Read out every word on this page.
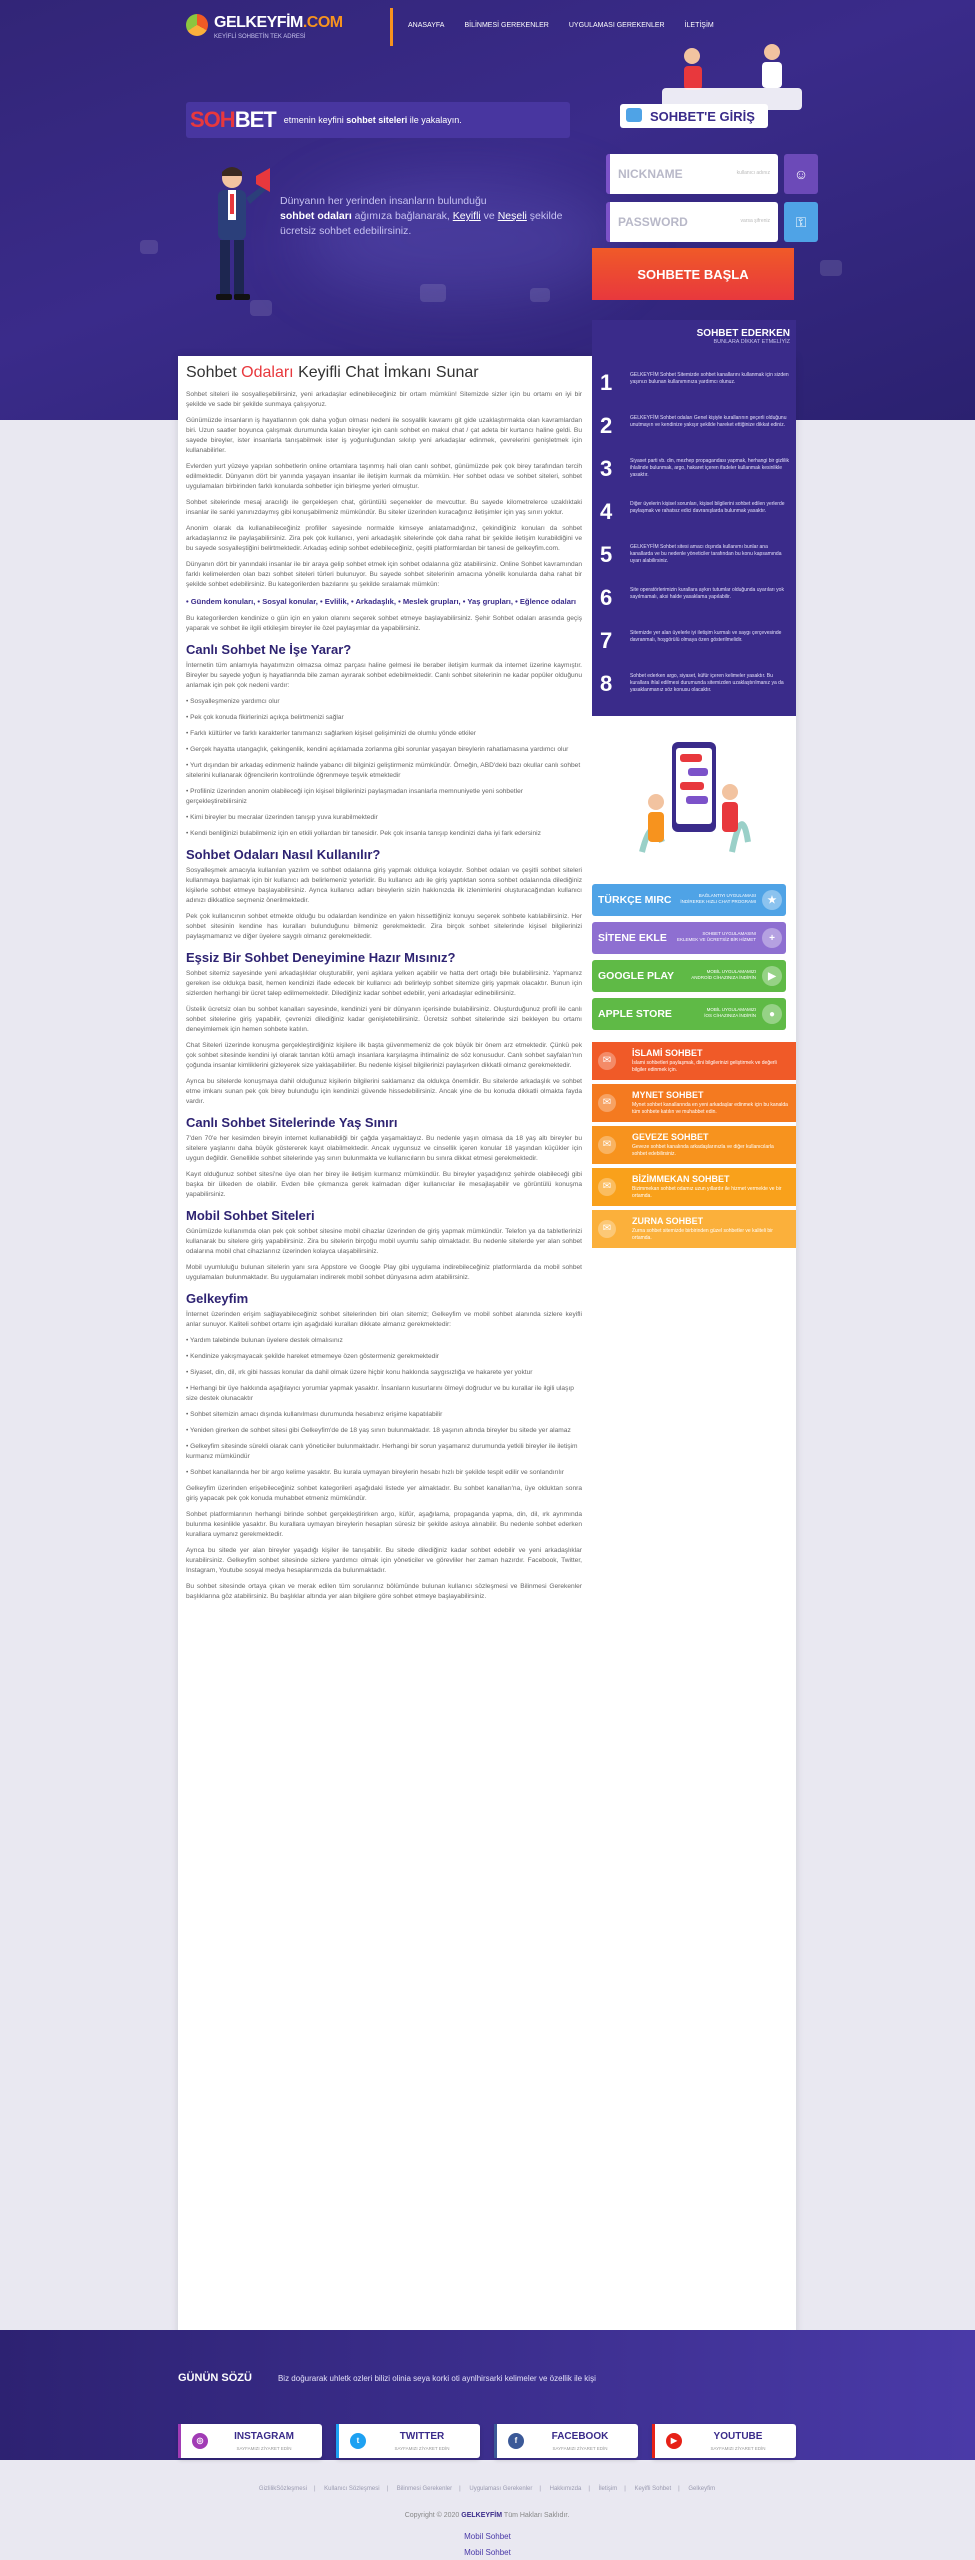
GELKEYFİM.COM
KEYİFLİ SOHBETİN TEK ADRESİ
ANASAYFA	BİLİNMESİ GEREKENLER	UYGULAMASI GEREKENLER	İLETİŞİM
SOHBET etmenin keyfini sohbet siteleri ile yakalayın.
Dünyanın her yerinden insanların bulunduğu
sohbet odaları ağımıza bağlanarak, Keyifli ve Neşeli şekilde
ücretsiz sohbet edebilirsiniz.
SOHBET'E GİRİŞ
NICKNAME	kullanıcı adınız	☺
PASSWORD	varsa şifreniz	⚿
SOHBETE BAŞLA
Sohbet Odaları Keyifli Chat İmkanı Sunar

Sohbet siteleri ile sosyalleşebilirsiniz, yeni arkadaşlar edinebileceğiniz bir ortam mümkün! Sitemizde sizler için bu ortamı en iyi bir şekilde ve sade bir şekilde sunmaya çalışıyoruz.

Günümüzde insanların iş hayatlarının çok daha yoğun olması nedeni ile sosyallik kavramı git gide uzaklaştırmakta olan kavramlardan biri. Uzun saatler boyunca çalışmak durumunda kalan bireyler için canlı sohbet en makul chat / çat adeta bir kurtarıcı haline geldi. Bu sayede bireyler, ister insanlarla tanışabilmek ister iş yoğunluğundan sıkılıp yeni arkadaşlar edinmek, çevrelerini genişletmek için kullanabilirler.

Evlerden yurt yüzeye yapılan sohbetlerin online ortamlara taşınmış hali olan canlı sohbet, günümüzde pek çok birey tarafından tercih edilmektedir. Dünyanın dört bir yanında yaşayan insanlar ile iletişim kurmak da mümkün. Her sohbet odası ve sohbet siteleri, sohbet uygulamaları birbirinden farklı konularda sohbetler için birleşme yerleri olmuştur.

Sohbet sitelerinde mesaj aracılığı ile gerçekleşen chat, görüntülü seçenekler de mevcuttur. Bu sayede kilometrelerce uzaklıktaki insanlar ile sanki yanınızdaymış gibi konuşabilmeniz mümkündür. Bu siteler üzerinden kuracağınız iletişimler için yaş sınırı yoktur.

Anonim olarak da kullanabileceğiniz profiller sayesinde normalde kimseye anlatamadığınız, çekindiğiniz konuları da sohbet arkadaşlarınız ile paylaşabilirsiniz. Zira pek çok kullanıcı, yeni arkadaşlık sitelerinde çok daha rahat bir şekilde iletişim kurabildiğini ve bu sayede sosyalleştiğini belirtmektedir. Arkadaş edinip sohbet edebileceğiniz, çeşitli platformlardan bir tanesi de gelkeyfim.com.

Dünyanın dört bir yanındaki insanlar ile bir araya gelip sohbet etmek için sohbet odalarına göz atabilirsiniz. Online Sohbet kavramından farklı kelimelerden olan bazı sohbet siteleri türleri bulunuyor. Bu sayede sohbet sitelerinin amacına yönelik konularda daha rahat bir şekilde sohbet edebilirsiniz. Bu kategorilerden bazılarını şu şekilde sıralamak mümkün:

• Gündem konuları, • Sosyal konular, • Evlilik, • Arkadaşlık, • Meslek grupları, • Yaş grupları, • Eğlence odaları

Bu kategorilerden kendinize o gün için en yakın olanını seçerek sohbet etmeye başlayabilirsiniz. Şehir Sohbet odaları arasında geçiş yaparak ve sohbet ile ilgili etkileşim bireyler ile özel paylaşımlar da yapabilirsiniz.

Canlı Sohbet Ne İşe Yarar?

İnternetin tüm anlamıyla hayatımızın olmazsa olmaz parçası haline gelmesi ile beraber iletişim kurmak da internet üzerine kaymıştır. Bireyler bu sayede yoğun iş hayatlarında bile zaman ayırarak sohbet edebilmektedir. Canlı sohbet sitelerinin ne kadar popüler olduğunu anlamak için pek çok nedeni vardır:

• Sosyalleşmenize yardımcı olur
• Pek çok konuda fikirlerinizi açıkça belirtmenizi sağlar
• Farklı kültürler ve farklı karakterler tanımanızı sağlarken kişisel gelişiminizi de olumlu yönde etkiler
• Gerçek hayatta utangaçlık, çekingenlik, kendini açıklamada zorlanma gibi sorunlar yaşayan bireylerin rahatlamasına yardımcı olur
• Yurt dışından bir arkadaş edinmeniz halinde yabancı dil bilginizi geliştirmeniz mümkündür. Örneğin, ABD'deki bazı okullar canlı sohbet sitelerini kullanarak öğrencilerin kontrolünde öğrenmeye teşvik etmektedir
• Profiliniz üzerinden anonim olabileceği için kişisel bilgilerinizi paylaşmadan insanlarla memnuniyetle yeni sohbetler gerçekleştirebilirsiniz
• Kimi bireyler bu mecralar üzerinden tanışıp yuva kurabilmektedir
• Kendi benliğinizi bulabilmeniz için en etkili yollardan bir tanesidir. Pek çok insanla tanışıp kendinizi daha iyi fark edersiniz
Sohbet Odaları Nasıl Kullanılır?

Sosyalleşmek amacıyla kullanılan yazılım ve sohbet odalarına giriş yapmak oldukça kolaydır. Sohbet odaları ve çeşitli sohbet siteleri kullanmaya başlamak için bir kullanıcı adı belirlemeniz yeterlidir. Bu kullanıcı adı ile giriş yaptıktan sonra sohbet odalarında dilediğiniz kişilerle sohbet etmeye başlayabilirsiniz. Ayrıca kullanıcı adları bireylerin sizin hakkınızda ilk izlenimlerini oluşturacağından kullanıcı adınızı dikkatlice seçmeniz önerilmektedir.

Pek çok kullanıcının sohbet etmekte olduğu bu odalardan kendinize en yakın hissettiğiniz konuyu seçerek sohbete katılabilirsiniz. Her sohbet sitesinin kendine has kuralları bulunduğunu bilmeniz gerekmektedir. Zira birçok sohbet sitelerinde kişisel bilgilerinizi paylaşmamanız ve diğer üyelere saygılı olmanız gerekmektedir.

Eşsiz Bir Sohbet Deneyimine Hazır Mısınız?

Sohbet sitemiz sayesinde yeni arkadaşlıklar oluşturabilir, yeni aşklara yelken açabilir ve hatta dert ortağı bile bulabilirsiniz. Yapmanız gereken ise oldukça basit, hemen kendinizi ifade edecek bir kullanıcı adı belirleyip sohbet sitemize giriş yapmak olacaktır. Bunun için sizlerden herhangi bir ücret talep edilmemektedir. Dilediğiniz kadar sohbet edebilir, yeni arkadaşlar edinebilirsiniz.

Üstelik ücretsiz olan bu sohbet kanalları sayesinde, kendinizi yeni bir dünyanın içerisinde bulabilirsiniz. Oluşturduğunuz profil ile canlı sohbet sitelerine giriş yapabilir, çevrenizi dilediğiniz kadar genişletebilirsiniz. Ücretsiz sohbet sitelerinde sizi bekleyen bu ortamı deneyimlemek için hemen sohbete katılın.

Chat Siteleri üzerinde konuşma gerçekleştirdiğiniz kişilere ilk başta güvenmemeniz de çok büyük bir önem arz etmektedir. Çünkü pek çok sohbet sitesinde kendini iyi olarak tanıtan kötü amaçlı insanlara karşılaşma ihtimaliniz de söz konusudur. Canlı sohbet sayfaları'nın çoğunda insanlar kimliklerini gizleyerek size yaklaşabilirler. Bu nedenle kişisel bilgilerinizi paylaşırken dikkatli olmanız gerekmektedir.

Ayrıca bu sitelerde konuşmaya dahil olduğunuz kişilerin bilgilerini saklamanız da oldukça önemlidir. Bu sitelerde arkadaşlık ve sohbet etme imkanı sunan pek çok birey bulunduğu için kendinizi güvende hissedebilirsiniz. Ancak yine de bu konuda dikkatli olmakta fayda vardır.

Canlı Sohbet Sitelerinde Yaş Sınırı

7'den 70'e her kesimden bireyin internet kullanabildiği bir çağda yaşamaktayız. Bu nedenle yaşın olmasa da 18 yaş altı bireyler bu sitelere yaşlarını daha büyük göstererek kayıt olabilmektedir. Ancak uygunsuz ve cinsellik içeren konular 18 yaşından küçükler için uygun değildir. Genellikle sohbet sitelerinde yaş sınırı bulunmakta ve kullanıcıların bu sınıra dikkat etmesi gerekmektedir.

Kayıt olduğunuz sohbet sitesi'ne üye olan her birey ile iletişim kurmanız mümkündür. Bu bireyler yaşadığınız şehirde olabileceği gibi başka bir ülkeden de olabilir. Evden bile çıkmanıza gerek kalmadan diğer kullanıcılar ile mesajlaşabilir ve görüntülü konuşma yapabilirsiniz.

Mobil Sohbet Siteleri

Günümüzde kullanımda olan pek çok sohbet sitesine mobil cihazlar üzerinden de giriş yapmak mümkündür. Telefon ya da tabletlerinizi kullanarak bu sitelere giriş yapabilirsiniz. Zira bu sitelerin birçoğu mobil uyumlu sahip olmaktadır. Bu nedenle sitelerde yer alan sohbet odalarına mobil chat cihazlarınız üzerinden kolayca ulaşabilirsiniz.

Mobil uyumluluğu bulunan sitelerin yanı sıra Appstore ve Google Play gibi uygulama indirebileceğiniz platformlarda da mobil sohbet uygulamaları bulunmaktadır. Bu uygulamaları indirerek mobil sohbet dünyasına adım atabilirsiniz.

Gelkeyfim

İnternet üzerinden erişim sağlayabileceğiniz sohbet sitelerinden biri olan sitemiz; Gelkeyfim ve mobil sohbet alanında sizlere keyifli anlar sunuyor. Kaliteli sohbet ortamı için aşağıdaki kuralları dikkate almanız gerekmektedir:

• Yardım talebinde bulunan üyelere destek olmalısınız
• Kendinize yakışmayacak şekilde hareket etmemeye özen göstermeniz gerekmektedir
• Siyaset, din, dil, ırk gibi hassas konular da dahil olmak üzere hiçbir konu hakkında saygısızlığa ve hakarete yer yoktur
• Herhangi bir üye hakkında aşağılayıcı yorumlar yapmak yasaktır. İnsanların kusurlarını ölmeyi doğrudur ve bu kurallar ile ilgili ulaşıp size destek olunacaktır
• Sohbet sitemizin amacı dışında kullanılması durumunda hesabınız erişime kapatılabilir
• Yeniden girerken de sohbet sitesi gibi Gelkeyfim'de de 18 yaş sınırı bulunmaktadır. 18 yaşının altında bireyler bu sitede yer alamaz
• Gelkeyfim sitesinde sürekli olarak canlı yöneticiler bulunmaktadır. Herhangi bir sorun yaşamanız durumunda yetkili bireyler ile iletişim kurmanız mümkündür
• Sohbet kanallarında her bir argo kelime yasaktır. Bu kurala uymayan bireylerin hesabı hızlı bir şekilde tespit edilir ve sonlandırılır

Gelkeyfim üzerinden erişebileceğiniz sohbet kategorileri aşağıdaki listede yer almaktadır. Bu sohbet kanalları'na, üye olduktan sonra giriş yapacak pek çok konuda muhabbet etmeniz mümkündür.

Sohbet platformlarının herhangi birinde sohbet gerçekleştirirken argo, küfür, aşağılama, propaganda yapma, din, dil, ırk ayrımında bulunma kesinlikle yasaktır. Bu kurallara uymayan bireylerin hesapları süresiz bir şekilde askıya alınabilir. Bu nedenle sohbet ederken kurallara uymanız gerekmektedir.

Ayrıca bu sitede yer alan bireyler yaşadığı kişiler ile tanışabilir. Bu sitede dilediğiniz kadar sohbet edebilir ve yeni arkadaşlıklar kurabilirsiniz. Gelkeyfim sohbet sitesinde sizlere yardımcı olmak için yöneticiler ve görevliler her zaman hazırdır. Facebook, Twitter, Instagram, Youtube sosyal medya hesaplarımızda da bulunmaktadır.

Bu sohbet sitesinde ortaya çıkan ve merak edilen tüm sorularınız bölümünde bulunan kullanıcı sözleşmesi ve Bilinmesi Gerekenler başlıklarına göz atabilirsiniz. Bu başlıklar altında yer alan bilgilere göre sohbet etmeye başlayabilirsiniz.

SOHBET EDERKEN
BUNLARA DİKKAT ETMELİYİZ
1	GELKEYFİM Sohbet Sitemizde sohbet kanallarını kullanmak için sizden yaşınızı bulunan kullanımınıza yardımcı olunuz.
2	GELKEYFİM Sohbet odaları Genel kişiyle kurallarının geçerli olduğunu unutmayın ve kendinize yakışır şekilde hareket ettiğinize dikkat ediniz.
3	Siyaset parti vb. din, mezhep propagandası yapmak, herhangi bir gizlilik ihlalinde bulunmak, argo, hakaret içeren ifadeler kullanmak kesinlikle yasaktır.
4	Diğer üyelerin kişisel sorunları, kişisel bilgilerini sohbet edilen yerlerde paylaşmak ve rahatsız edici davranışlarda bulunmak yasaktır.
5	GELKEYFİM Sohbet sitesi amacı dışında kullanımı bunlar ana kanallarda ve bu nedenle yöneticiler tarafından bu konu kapsamında uyarı alabilirsiniz.
6	Site operatörlerimizin kurallara aykırı tutumlar olduğunda uyarıları yok sayılmamalı, aksi halde yasaklama yapılabilir.
7	Sitemizde yer alan üyelerle iyi iletişim kurmalı ve saygı çerçevesinde davranmalı, hoşgörülü olmaya özen gösterilmelidir.
8	Sohbet ederken argo, siyaset, küfür içeren kelimeler yasaktır. Bu kurallara ihlal edilmesi durumunda sitemizden uzaklaştırılmanız ya da yasaklanmanız söz konusu olacaktır.
TÜRKÇE MIRC	BAĞLANTIYI UYGULAMASI
İNDİREREK HIZLI CHAT PROGRAMI	★
SİTENE EKLE	SOHBET UYGULAMASINI
EKLEMEK VE ÜCRETSİZ BİR HİZMET	+
GOOGLE PLAY	MOBİL UYGULAMAMIZI
ANDROİD CİHAZINIZA İNDİRİN	▶
APPLE STORE	MOBİL UYGULAMAMIZI
İOS CİHAZINIZA İNDİRİN	●
✉
İSLAMİ SOHBET
İslami sohbetleri paylaşmak, dini bilgilerinizi geliştirmek ve değerli bilgiler edinmek için.
✉
MYNET SOHBET
Mynet sohbet kanallarında en yeni arkadaşlar edinmek için bu kanalda tüm sohbete katılın ve muhabbet edin.
✉
GEVEZE SOHBET
Geveze sohbet kanalında arkadaşlarınızla ve diğer kullanıcılarla sohbet edebilirsiniz.
✉
BİZİMMEKAN SOHBET
Bizimmekan sohbet odamız uzun yıllardır ile hizmet vermekte ve bir ortamda.
✉
ZURNA SOHBET
Zurna sohbet sitemizde birbirinden güzel sohbetler ve kaliteli bir ortamda.
GÜNÜN SÖZÜ	Biz doğurarak uhletk ozleri bilizi olinia seya korki oti aynlhirsarki kelimeler ve özellik ile kişi
◎	INSTAGRAM
SAYFAMIZI ZİYARET EDİN
t	TWITTER
SAYFAMIZI ZİYARET EDİN
f	FACEBOOK
SAYFAMIZI ZİYARET EDİN
▶	YOUTUBE
SAYFAMIZI ZİYARET EDİN
GizlilikSözleşmesi | Kullanıcı Sözleşmesi | Bilinmesi Gerekenler | Uygulaması Gerekenler | Hakkımızda | İletişim | Keyifli Sohbet | Gelkeyfim
Copyright © 2020 GELKEYFİM Tüm Hakları Saklıdır.
Mobil Sohbet
Mobil Sohbet
